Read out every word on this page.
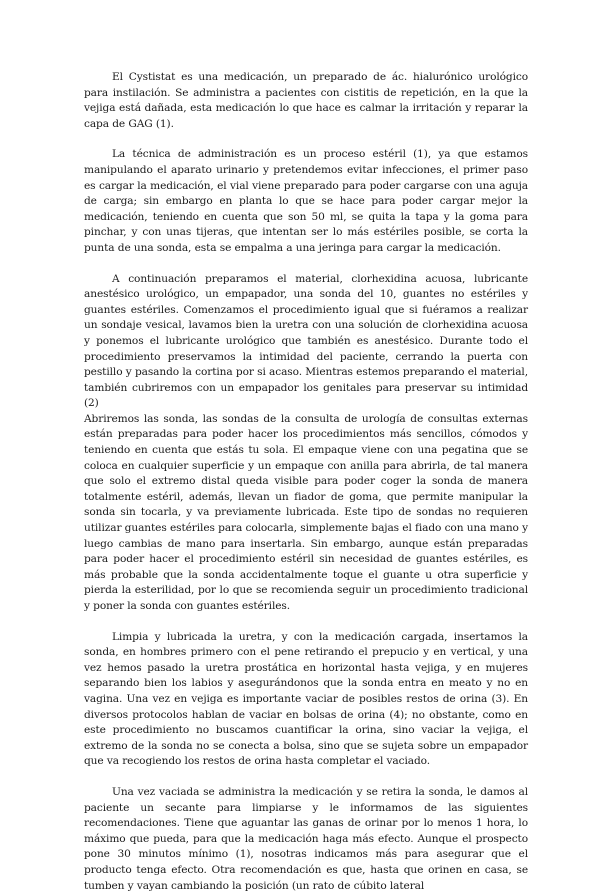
El Cystistat es una medicación, un preparado de ác. hialurónico urológico para instilación. Se administra a pacientes con cistitis de repetición, en la que la vejiga está dañada, esta medicación lo que hace es calmar la irritación y reparar la capa de GAG (1).

La técnica de administración es un proceso estéril (1), ya que estamos manipulando el aparato urinario y pretendemos evitar infecciones, el primer paso es cargar la medicación, el vial viene preparado para poder cargarse con una aguja de carga; sin embargo en planta lo que se hace para poder cargar mejor la medicación, teniendo en cuenta que son 50 ml, se quita la tapa y la goma para pinchar, y con unas tijeras, que intentan ser lo más estériles posible, se corta la punta de una sonda, esta se empalma a una jeringa para cargar la medicación.

A continuación preparamos el material, clorhexidina acuosa, lubricante anestésico urológico, un empapador, una sonda del 10, guantes no estériles y guantes estériles. Comenzamos el procedimiento igual que si fuéramos a realizar un sondaje vesical, lavamos bien la uretra con una solución de clorhexidina acuosa y ponemos el lubricante urológico que también es anestésico. Durante todo el procedimiento preservamos la intimidad del paciente, cerrando la puerta con pestillo y pasando la cortina por si acaso. Mientras estemos preparando el material, también cubriremos con un empapador los genitales para preservar su intimidad (2)

Abriremos las sonda, las sondas de la consulta de urología de consultas externas están preparadas para poder hacer los procedimientos más sencillos, cómodos y teniendo en cuenta que estás tu sola. El empaque viene con una pegatina que se coloca en cualquier superficie y un empaque con anilla para abrirla, de tal manera que solo el extremo distal queda visible para poder coger la sonda de manera totalmente estéril, además, llevan un fiador de goma, que permite manipular la sonda sin tocarla, y va previamente lubricada. Este tipo de sondas no requieren utilizar guantes estériles para colocarla, simplemente bajas el fiado con una mano y luego cambias de mano para insertarla. Sin embargo, aunque están preparadas para poder hacer el procedimiento estéril sin necesidad de guantes estériles, es más probable que la sonda accidentalmente toque el guante u otra superficie y pierda la esterilidad, por lo que se recomienda seguir un procedimiento tradicional y poner la sonda con guantes estériles.

Limpia y lubricada la uretra, y con la medicación cargada, insertamos la sonda, en hombres primero con el pene retirando el prepucio y en vertical, y una vez hemos pasado la uretra prostática en horizontal hasta vejiga, y en mujeres separando bien los labios y asegurándonos que la sonda entra en meato y no en vagina. Una vez en vejiga es importante vaciar de posibles restos de orina (3). En diversos protocolos hablan de vaciar en bolsas de orina (4); no obstante, como en este procedimiento no buscamos cuantificar la orina, sino vaciar la vejiga, el extremo de la sonda no se conecta a bolsa, sino que se sujeta sobre un empapador que va recogiendo los restos de orina hasta completar el vaciado.

Una vez vaciada se administra la medicación y se retira la sonda, le damos al paciente un secante para limpiarse y le informamos de las siguientes recomendaciones. Tiene que aguantar las ganas de orinar por lo menos 1 hora, lo máximo que pueda, para que la medicación haga más efecto. Aunque el prospecto pone 30 minutos mínimo (1), nosotras indicamos más para asegurar que el producto tenga efecto. Otra recomendación es que, hasta que orinen en casa, se tumben y vayan cambiando la posición (un rato de cúbito lateral
